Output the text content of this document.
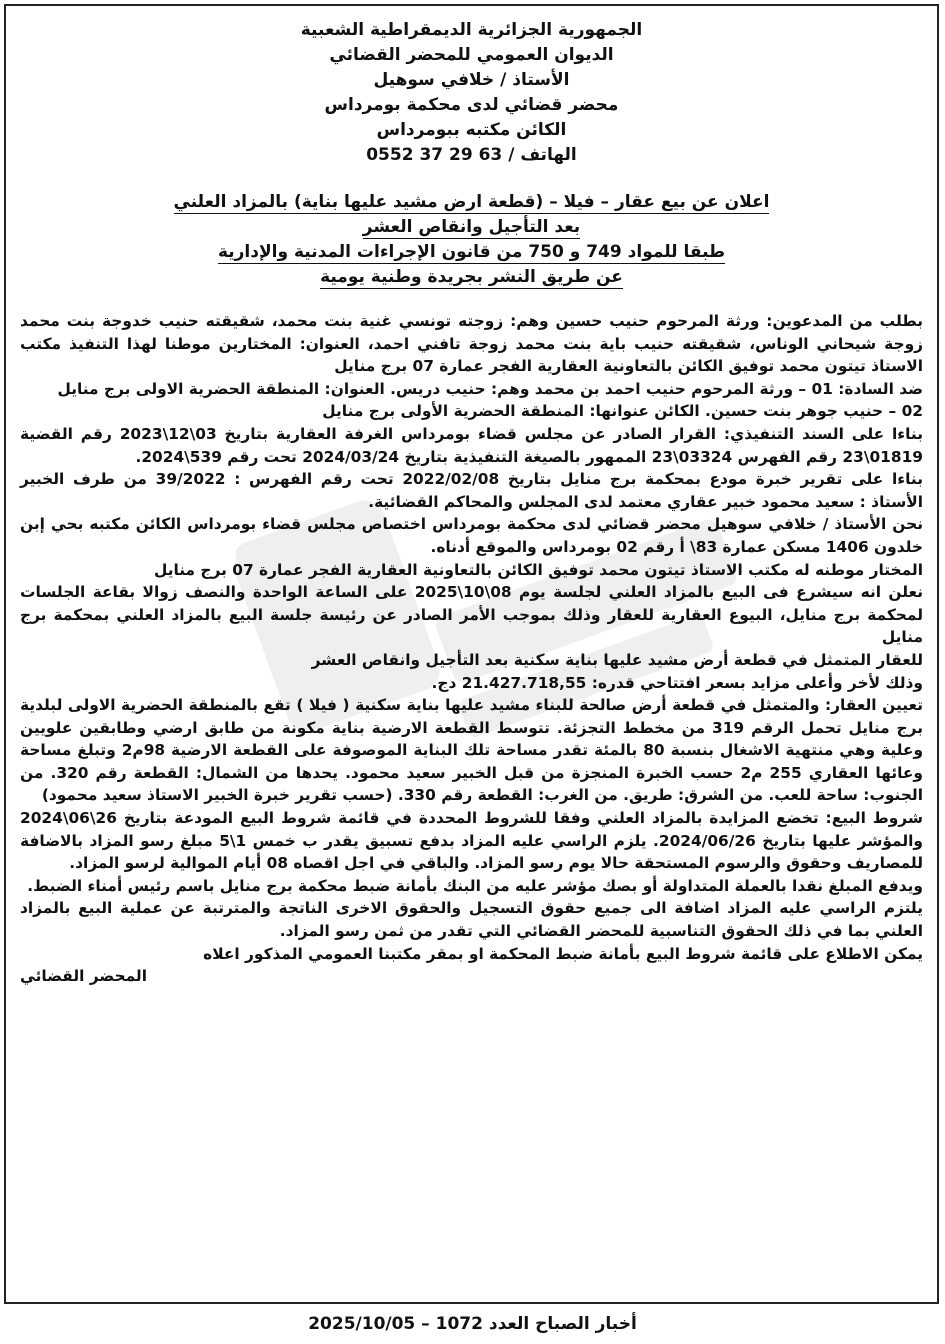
الجمهورية الجزائرية الديمقراطية الشعبية
الديوان العمومي للمحضر القضائي
الأستاذ / خلافي سوهيل
محضر قضائي لدى محكمة بومرداس
الكائن مكتبه ببومرداس
الهاتف / 0552 37 29 63
اعلان عن بيع عقار – فيلا – (قطعة ارض مشيد عليها بناية) بالمزاد العلني
بعد التأجيل وانقاص العشر
طبقا للمواد 749 و 750 من قانون الإجراءات المدنية والإدارية
عن طريق النشر بجريدة وطنية يومية

بطلب من المدعوين: ورثة المرحوم حنيب حسين وهم: زوجته تونسي غنية بنت محمد، شقيقته حنيب خدوجة بنت محمد زوجة شيحاني الوناس، شقيقته حنيب باية بنت محمد زوجة تافني احمد، العنوان: المختارين موطنا لهذا التنفيذ مكتب الاستاذ تيتون محمد توفيق الكائن بالتعاونية العقارية الفجر عمارة 07 برج منايل

ضد السادة: 01 – ورثة المرحوم حنيب احمد بن محمد وهم: حنيب دريس. العنوان: المنطقة الحضرية الاولى برج منايل

02 – حنيب جوهر بنت حسين. الكائن عنوانها: المنطقة الحضرية الأولى برج منايل

بناءا على السند التنفيذي: القرار الصادر عن مجلس قضاء بومرداس الغرفة العقارية بتاريخ 03\12\2023 رقم القضية 01819\23 رقم الفهرس 03324\23 الممهور بالصيغة التنفيذية بتاريخ 2024/03/24 تحت رقم 539\2024.

بناءا على تقرير خبرة مودع بمحكمة برج منايل بتاريخ 2022/02/08 تحت رقم الفهرس : 39/2022 من طرف الخبير الأستاذ : سعيد محمود خبير عقاري معتمد لدى المجلس والمحاكم القضائية.

نحن الأستاذ / خلافي سوهيل محضر قضائي لدى محكمة بومرداس اختصاص مجلس قضاء بومرداس الكائن مكتبه بحي إبن خلدون 1406 مسكن عمارة 83\ أ رقم 02 بومرداس والموقع أدناه.

المختار موطنه له مكتب الاستاذ تيتون محمد توفيق الكائن بالتعاونية العقارية الفجر عمارة 07 برج منايل

نعلن انه سيشرع فى البيع بالمزاد العلني لجلسة يوم 08\10\2025 على الساعة الواحدة والنصف زوالا بقاعة الجلسات لمحكمة برج منايل، البيوع العقارية للعقار وذلك بموجب الأمر الصادر عن رئيسة جلسة البيع بالمزاد العلني بمحكمة برج منايل

للعقار المتمثل في قطعة أرض مشيد عليها بناية سكنية بعد التأجيل وانقاص العشر

وذلك لأخر وأعلى مزايد بسعر افتتاحي قدره: 21.427.718,55 دج.

تعيين العقار: والمتمثل في قطعة أرض صالحة للبناء مشيد عليها بناية سكنية ( فيلا ) تقع بالمنطقة الحضرية الاولى لبلدية برج منايل تحمل الرقم 319 من مخطط التجزئة. تتوسط القطعة الارضية بناية مكونة من طابق ارضي وطابقين علويين وعلية وهي منتهية الاشغال بنسبة 80 بالمئة تقدر مساحة تلك البناية الموصوفة على القطعة الارضية 98م2 وتبلغ مساحة وعائها العقاري 255 م2 حسب الخبرة المنجزة من قبل الخبير سعيد محمود. يحدها من الشمال: القطعة رقم 320. من الجنوب: ساحة للعب. من الشرق: طريق. من الغرب: القطعة رقم 330. (حسب تقرير خبرة الخبير الاستاذ سعيد محمود)

شروط البيع: تخضع المزايدة بالمزاد العلني وفقا للشروط المحددة في قائمة شروط البيع المودعة بتاريخ 26\06\2024 والمؤشر عليها بتاريخ 2024/06/26. يلزم الراسي عليه المزاد بدفع تسبيق يقدر ب خمس 1\5 مبلغ رسو المزاد بالاضافة للمصاريف وحقوق والرسوم المستحقة حالا يوم رسو المزاد. والباقي في اجل اقصاه 08 أيام الموالية لرسو المزاد.

ويدفع المبلغ نقدا بالعملة المتداولة أو بصك مؤشر عليه من البنك بأمانة ضبط محكمة برج منايل باسم رئيس أمناء الضبط.

يلتزم الراسي عليه المزاد اضافة الى جميع حقوق التسجيل والحقوق الاخرى الناتجة والمترتبة عن عملية البيع بالمزاد العلني بما في ذلك الحقوق التناسبية للمحضر القضائي التي تقدر من ثمن رسو المزاد.

يمكن الاطلاع على قائمة شروط البيع بأمانة ضبط المحكمة او بمقر مكتبنا العمومي المذكور اعلاه

المحضر القضائي
أخبار الصباح العدد 1072 – 2025/10/05
